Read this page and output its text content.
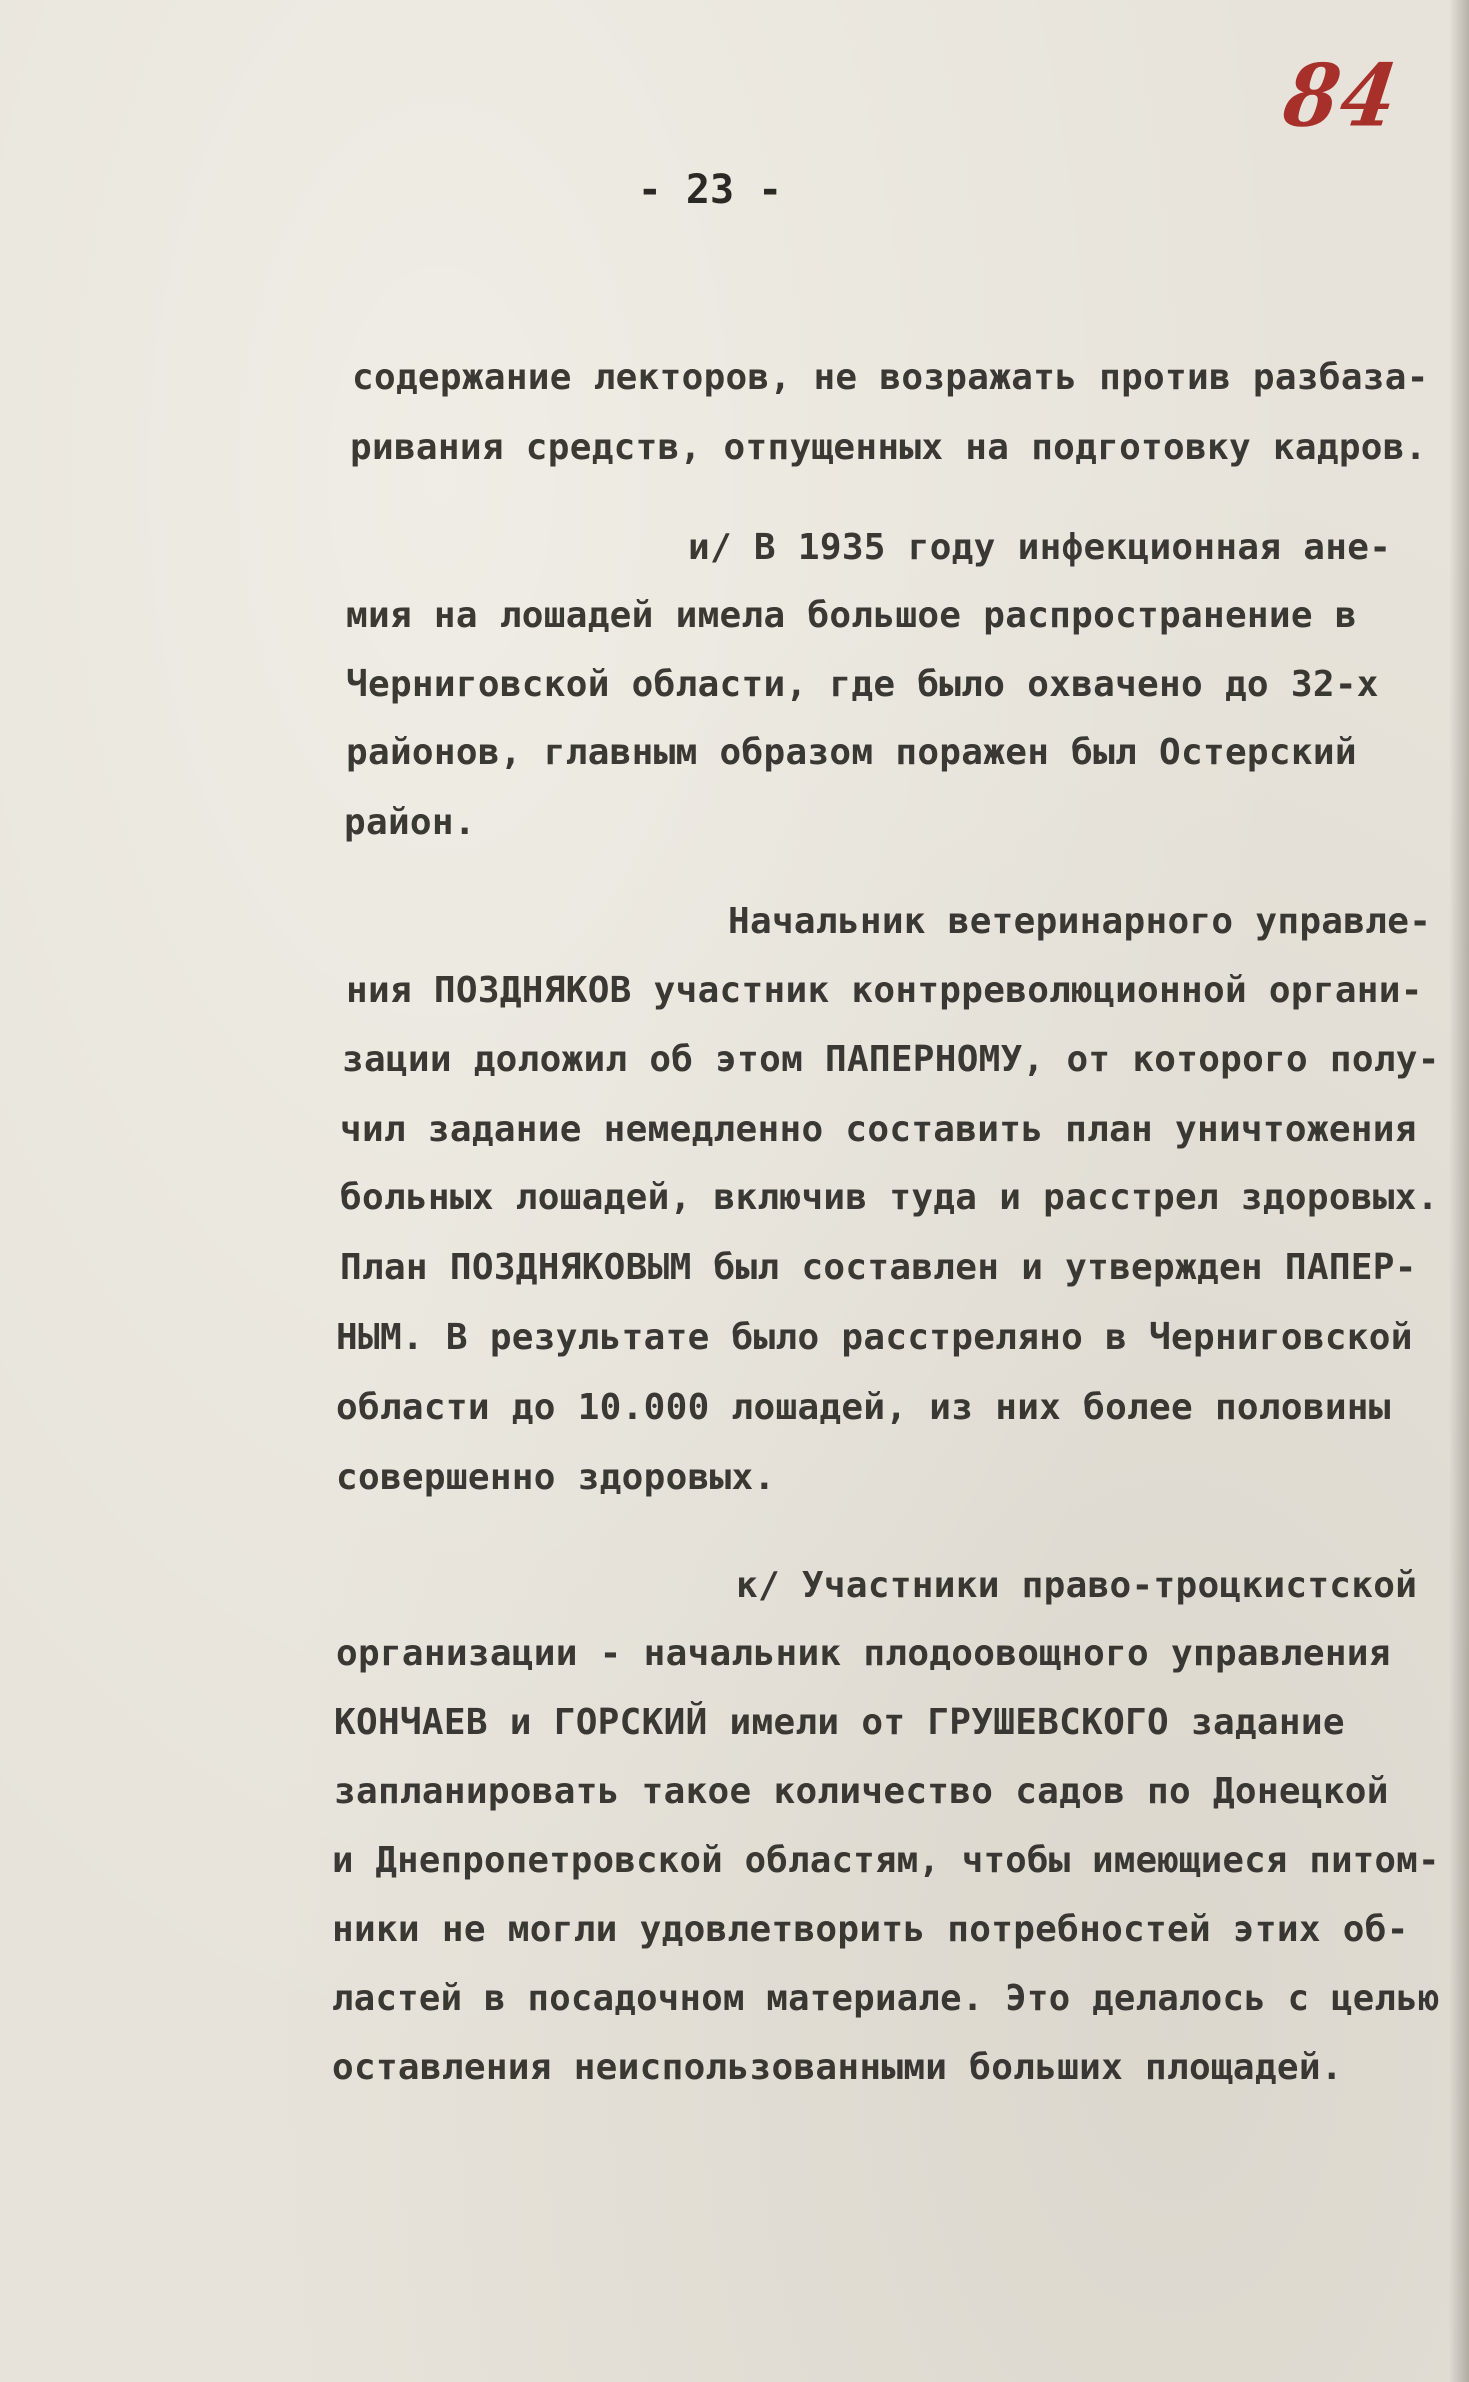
84
- 23 -
содержание лекторов, не возражать против разбаза-
ривания средств, отпущенных на подготовку кадров.
и/ В 1935 году инфекционная ане-
мия на лошадей имела большое распространение в
Черниговской области, где было охвачено до 32-х
районов, главным образом поражен был Остерский
район.
Начальник ветеринарного управле-
ния ПОЗДНЯКОВ участник контрреволюционной органи-
зации доложил об этом ПАПЕРНОМУ, от которого полу-
чил задание немедленно составить план уничтожения
больных лошадей, включив туда и расстрел здоровых.
План ПОЗДНЯКОВЫМ был составлен и утвержден ПАПЕР-
НЫМ. В результате было расстреляно в Черниговской
области до 10.000 лошадей, из них более половины
совершенно здоровых.
к/ Участники право-троцкистской
организации - начальник плодоовощного управления
КОНЧАЕВ и ГОРСКИЙ имели от ГРУШЕВСКОГО задание
запланировать такое количество садов по Донецкой
и Днепропетровской областям, чтобы имеющиеся питом-
ники не могли удовлетворить потребностей этих об-
ластей в посадочном материале. Это делалось с целью
оставления неиспользованными больших площадей.
